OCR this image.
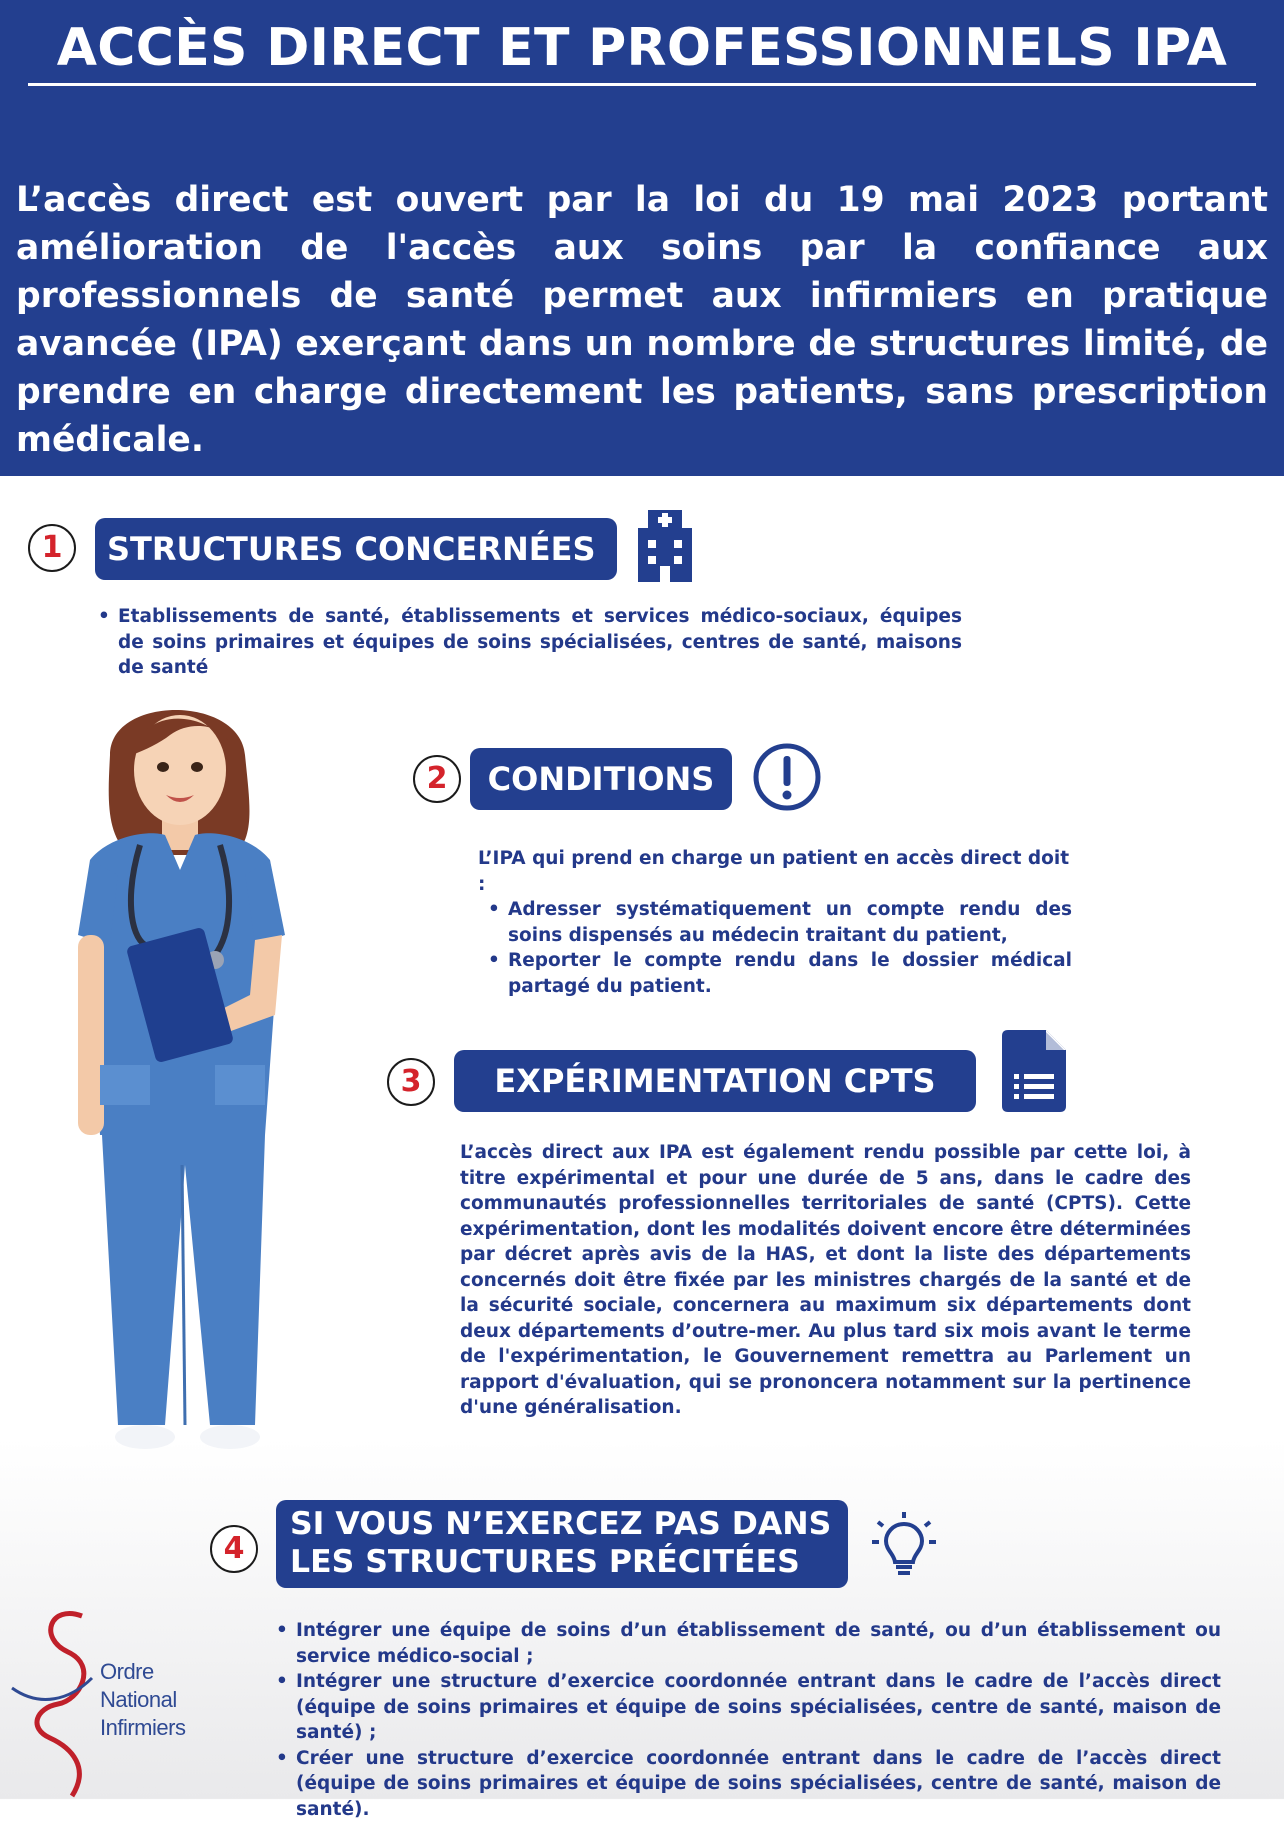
ACCÈS DIRECT ET PROFESSIONNELS IPA
L’accès direct est ouvert par la loi du 19 mai 2023 portant amélioration de l'accès aux soins par la confiance aux professionnels de santé permet aux infirmiers en pratique avancée (IPA) exerçant dans un nombre de structures limité, de prendre en charge directement les patients, sans prescription médicale.
1	STRUCTURES CONCERNÉES
• Etablissements de santé, établissements et services médico-sociaux, équipes de soins primaires et équipes de soins spécialisées, centres de santé, maisons de santé
2	CONDITIONS
L’IPA qui prend en charge un patient en accès direct doit :
• Adresser systématiquement un compte rendu des soins dispensés au médecin traitant du patient,
• Reporter le compte rendu dans le dossier médical partagé du patient.
3	EXPÉRIMENTATION CPTS
L’accès direct aux IPA est également rendu possible par cette loi, à titre expérimental et pour une durée de 5 ans, dans le cadre des communautés professionnelles territoriales de santé (CPTS). Cette expérimentation, dont les modalités doivent encore être déterminées par décret après avis de la HAS, et dont la liste des départements concernés doit être fixée par les ministres chargés de la santé et de la sécurité sociale, concernera au maximum six départements dont deux départements d’outre-mer. Au plus tard six mois avant le terme de l'expérimentation, le Gouvernement remettra au Parlement un rapport d'évaluation, qui se prononcera notamment sur la pertinence d'une généralisation.
4
SI VOUS N’EXERCEZ PAS DANS
LES STRUCTURES PRÉCITÉES
• Intégrer une équipe de soins d’un établissement de santé, ou d’un établissement ou service médico-social ;
• Intégrer une structure d’exercice coordonnée entrant dans le cadre de l’accès direct (équipe de soins primaires et équipe de soins spécialisées, centre de santé, maison de santé) ;
• Créer une structure d’exercice coordonnée entrant dans le cadre de l’accès direct (équipe de soins primaires et équipe de soins spécialisées, centre de santé, maison de santé).
Ordre
National
Infirmiers
